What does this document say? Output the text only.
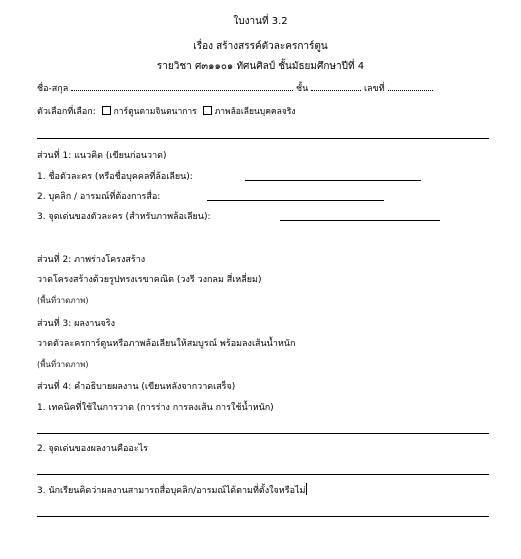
ใบงานที่ 3.2
เรื่อง สร้างสรรค์ตัวละครการ์ตูน
รายวิชา ศ๓๑๑๐๑ ทัศนศิลป์ ชั้นมัธยมศึกษาปีที่ 4
ชื่อ-สกุล	ชั้น	เลขที่
ตัวเลือกที่เลือก: การ์ตูนตามจินตนาการ ภาพล้อเลียนบุคคลจริง
ส่วนที่ 1: แนวคิด (เขียนก่อนวาด)
1. ชื่อตัวละคร (หรือชื่อบุคคลที่ล้อเลียน):
2. บุคลิก / อารมณ์ที่ต้องการสื่อ:
3. จุดเด่นของตัวละคร (สำหรับภาพล้อเลียน):
ส่วนที่ 2: ภาพร่างโครงสร้าง
วาดโครงสร้างด้วยรูปทรงเรขาคณิต (วงรี วงกลม สี่เหลี่ยม)
(พื้นที่วาดภาพ)
ส่วนที่ 3: ผลงานจริง
วาดตัวละครการ์ตูนหรือภาพล้อเลียนให้สมบูรณ์ พร้อมลงเส้นน้ำหนัก
(พื้นที่วาดภาพ)
ส่วนที่ 4: คำอธิบายผลงาน (เขียนหลังจากวาดเสร็จ)
1. เทคนิคที่ใช้ในการวาด (การร่าง การลงเส้น การใช้น้ำหนัก)
2. จุดเด่นของผลงานคืออะไร
3. นักเรียนคิดว่าผลงานสามารถสื่อบุคลิก/อารมณ์ได้ตามที่ตั้งใจหรือไม่
